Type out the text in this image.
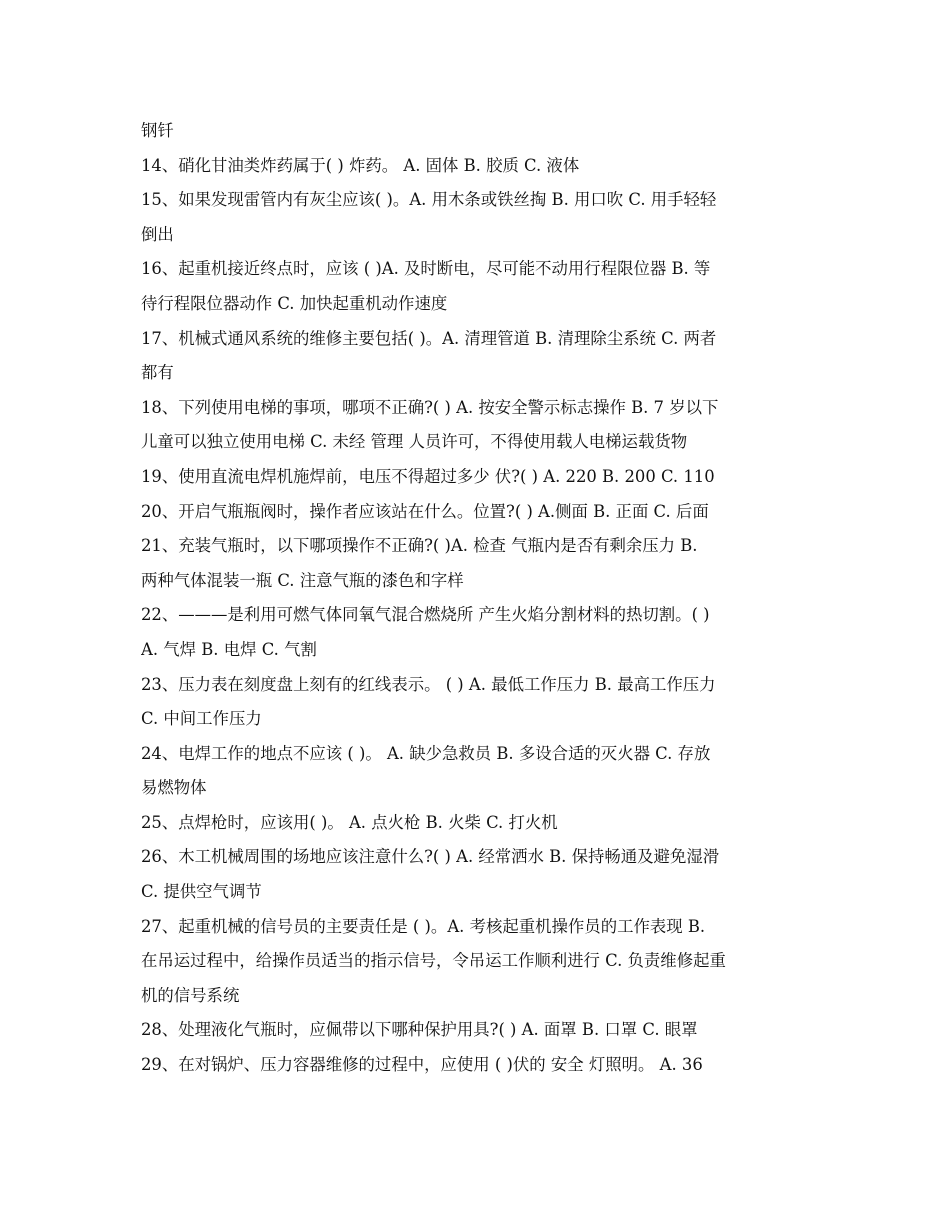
钢钎
14、硝化甘油类炸药属于( ) 炸药。 A. 固体 B. 胶质 C. 液体
15、如果发现雷管内有灰尘应该( )。A. 用木条或铁丝掏 B. 用口吹 C. 用手轻轻
倒出
16、起重机接近终点时，应该 ( )A. 及时断电，尽可能不动用行程限位器 B. 等
待行程限位器动作 C. 加快起重机动作速度
17、机械式通风系统的维修主要包括( )。A. 清理管道 B. 清理除尘系统 C. 两者
都有
18、下列使用电梯的事项，哪项不正确?( ) A. 按安全警示标志操作 B. 7 岁以下
儿童可以独立使用电梯 C. 未经 管理 人员许可，不得使用载人电梯运载货物
19、使用直流电焊机施焊前，电压不得超过多少 伏?( ) A. 220 B. 200 C. 110
20、开启气瓶瓶阀时，操作者应该站在什么。位置?( ) A.侧面 B. 正面 C. 后面
21、充装气瓶时，以下哪项操作不正确?( )A. 检查 气瓶内是否有剩余压力 B.
两种气体混装一瓶 C. 注意气瓶的漆色和字样
22、———是利用可燃气体同氧气混合燃烧所 产生火焰分割材料的热切割。( )
A. 气焊 B. 电焊 C. 气割
23、压力表在刻度盘上刻有的红线表示。 ( ) A. 最低工作压力 B. 最高工作压力
C. 中间工作压力
24、电焊工作的地点不应该 ( )。 A. 缺少急救员 B. 多设合适的灭火器 C. 存放
易燃物体
25、点焊枪时，应该用( )。 A. 点火枪 B. 火柴 C. 打火机
26、木工机械周围的场地应该注意什么?( ) A. 经常洒水 B. 保持畅通及避免湿滑
C. 提供空气调节
27、起重机械的信号员的主要责任是 ( )。A. 考核起重机操作员的工作表现 B.
在吊运过程中，给操作员适当的指示信号，令吊运工作顺利进行 C. 负责维修起重
机的信号系统
28、处理液化气瓶时，应佩带以下哪种保护用具?( ) A. 面罩 B. 口罩 C. 眼罩
29、在对锅炉、压力容器维修的过程中，应使用 ( )伏的 安全 灯照明。 A. 36
